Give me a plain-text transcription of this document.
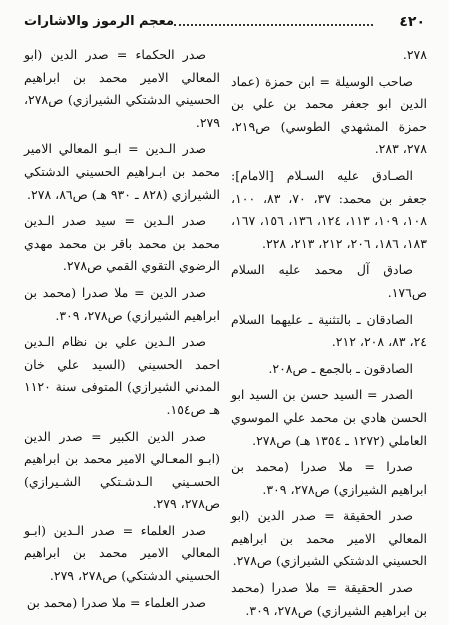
٤٢٠
معجم الرموز والاشارات

٢٧٨.

صاحب الوسيلة = ابن حمزة (عماد الدين ابو جعفر محمد بن علي بن حمزة المشهدي الطوسي) ص٢١٩، ٢٧٨، ٢٨٣.

الصـادق عليه السـلام [الامام]: جعفر بن محمد: ٣٧، ٧٠، ٨٣، ١٠٠، ١٠٨، ١٠٩، ١١٣، ١٢٤، ١٣٦، ١٥٦، ١٦٧، ١٨٣، ١٨٦، ٢٠٦، ٢١٢، ٢١٣، ٢٢٨.

صادق آل محمد عليه السلام ص١٧٦.

الصادقان ـ بالتثنية ـ عليهما السلام ٢٤، ٨٣، ٢٠٨، ٢١٢.

الصادقون ـ بالجمع ـ ص٢٠٨.

الصدر = السيد حسن بن السيد ابو الحسن هادي بن محمد علي الموسوي العاملي (١٢٧٢ ـ ١٣٥٤ هـ) ص٢٧٨.

صدرا = ملا صدرا (محمد بن ابراهيم الشيرازي) ص٢٧٨، ٣٠٩.

صدر الحقيقة = صدر الدين (ابو المعالي الامير محمد بن ابراهيم الحسيني الدشتكي الشيرازي) ص٢٧٨.

صدر الحقيقة = ملا صدرا (محمد بن ابراهيم الشيرازي) ص٢٧٨، ٣٠٩.

صدر الحكماء = صدر الدين (ابو المعالي الامير محمد بن ابراهيم الحسيني الدشتكي الشيرازي) ص٢٧٨، ٢٧٩.

صدر الـدين = ابـو المعالي الامير محمد بن ابـراهيم الحسيني الدشتكي الشيرازي (٨٢٨ ـ ٩٣٠ هـ) ص٨٦، ٢٧٨.

صدر الـدين = سيد صدر الـدين محمد بن محمد باقر بن محمد مهدي الرضوي التقوي القمي ص٢٧٨.

صدر الدين = ملا صدرا (محمد بن ابراهيم الشيرازي) ص٢٧٨، ٣٠٩.

صدر الـدين علي بن نظام الـدين احمد الحسيني (السيد علي خان المدني الشيرازي) المتوفى سنة ١١٢٠ هـ ص١٥٤.

صدر الدين الكبير = صدر الدين (ابـو المعـالي الامير محمد بن ابراهيم الحسـيني الـدشـتكي الشـيرازي) ص٢٧٨، ٢٧٩.

صدر العلماء = صدر الـدين (ابـو المعالي الامير محمد بن ابراهيم الحسيني الدشتكي) ص٢٧٨، ٢٧٩.

صدر العلماء = ملا صدرا (محمد بن
